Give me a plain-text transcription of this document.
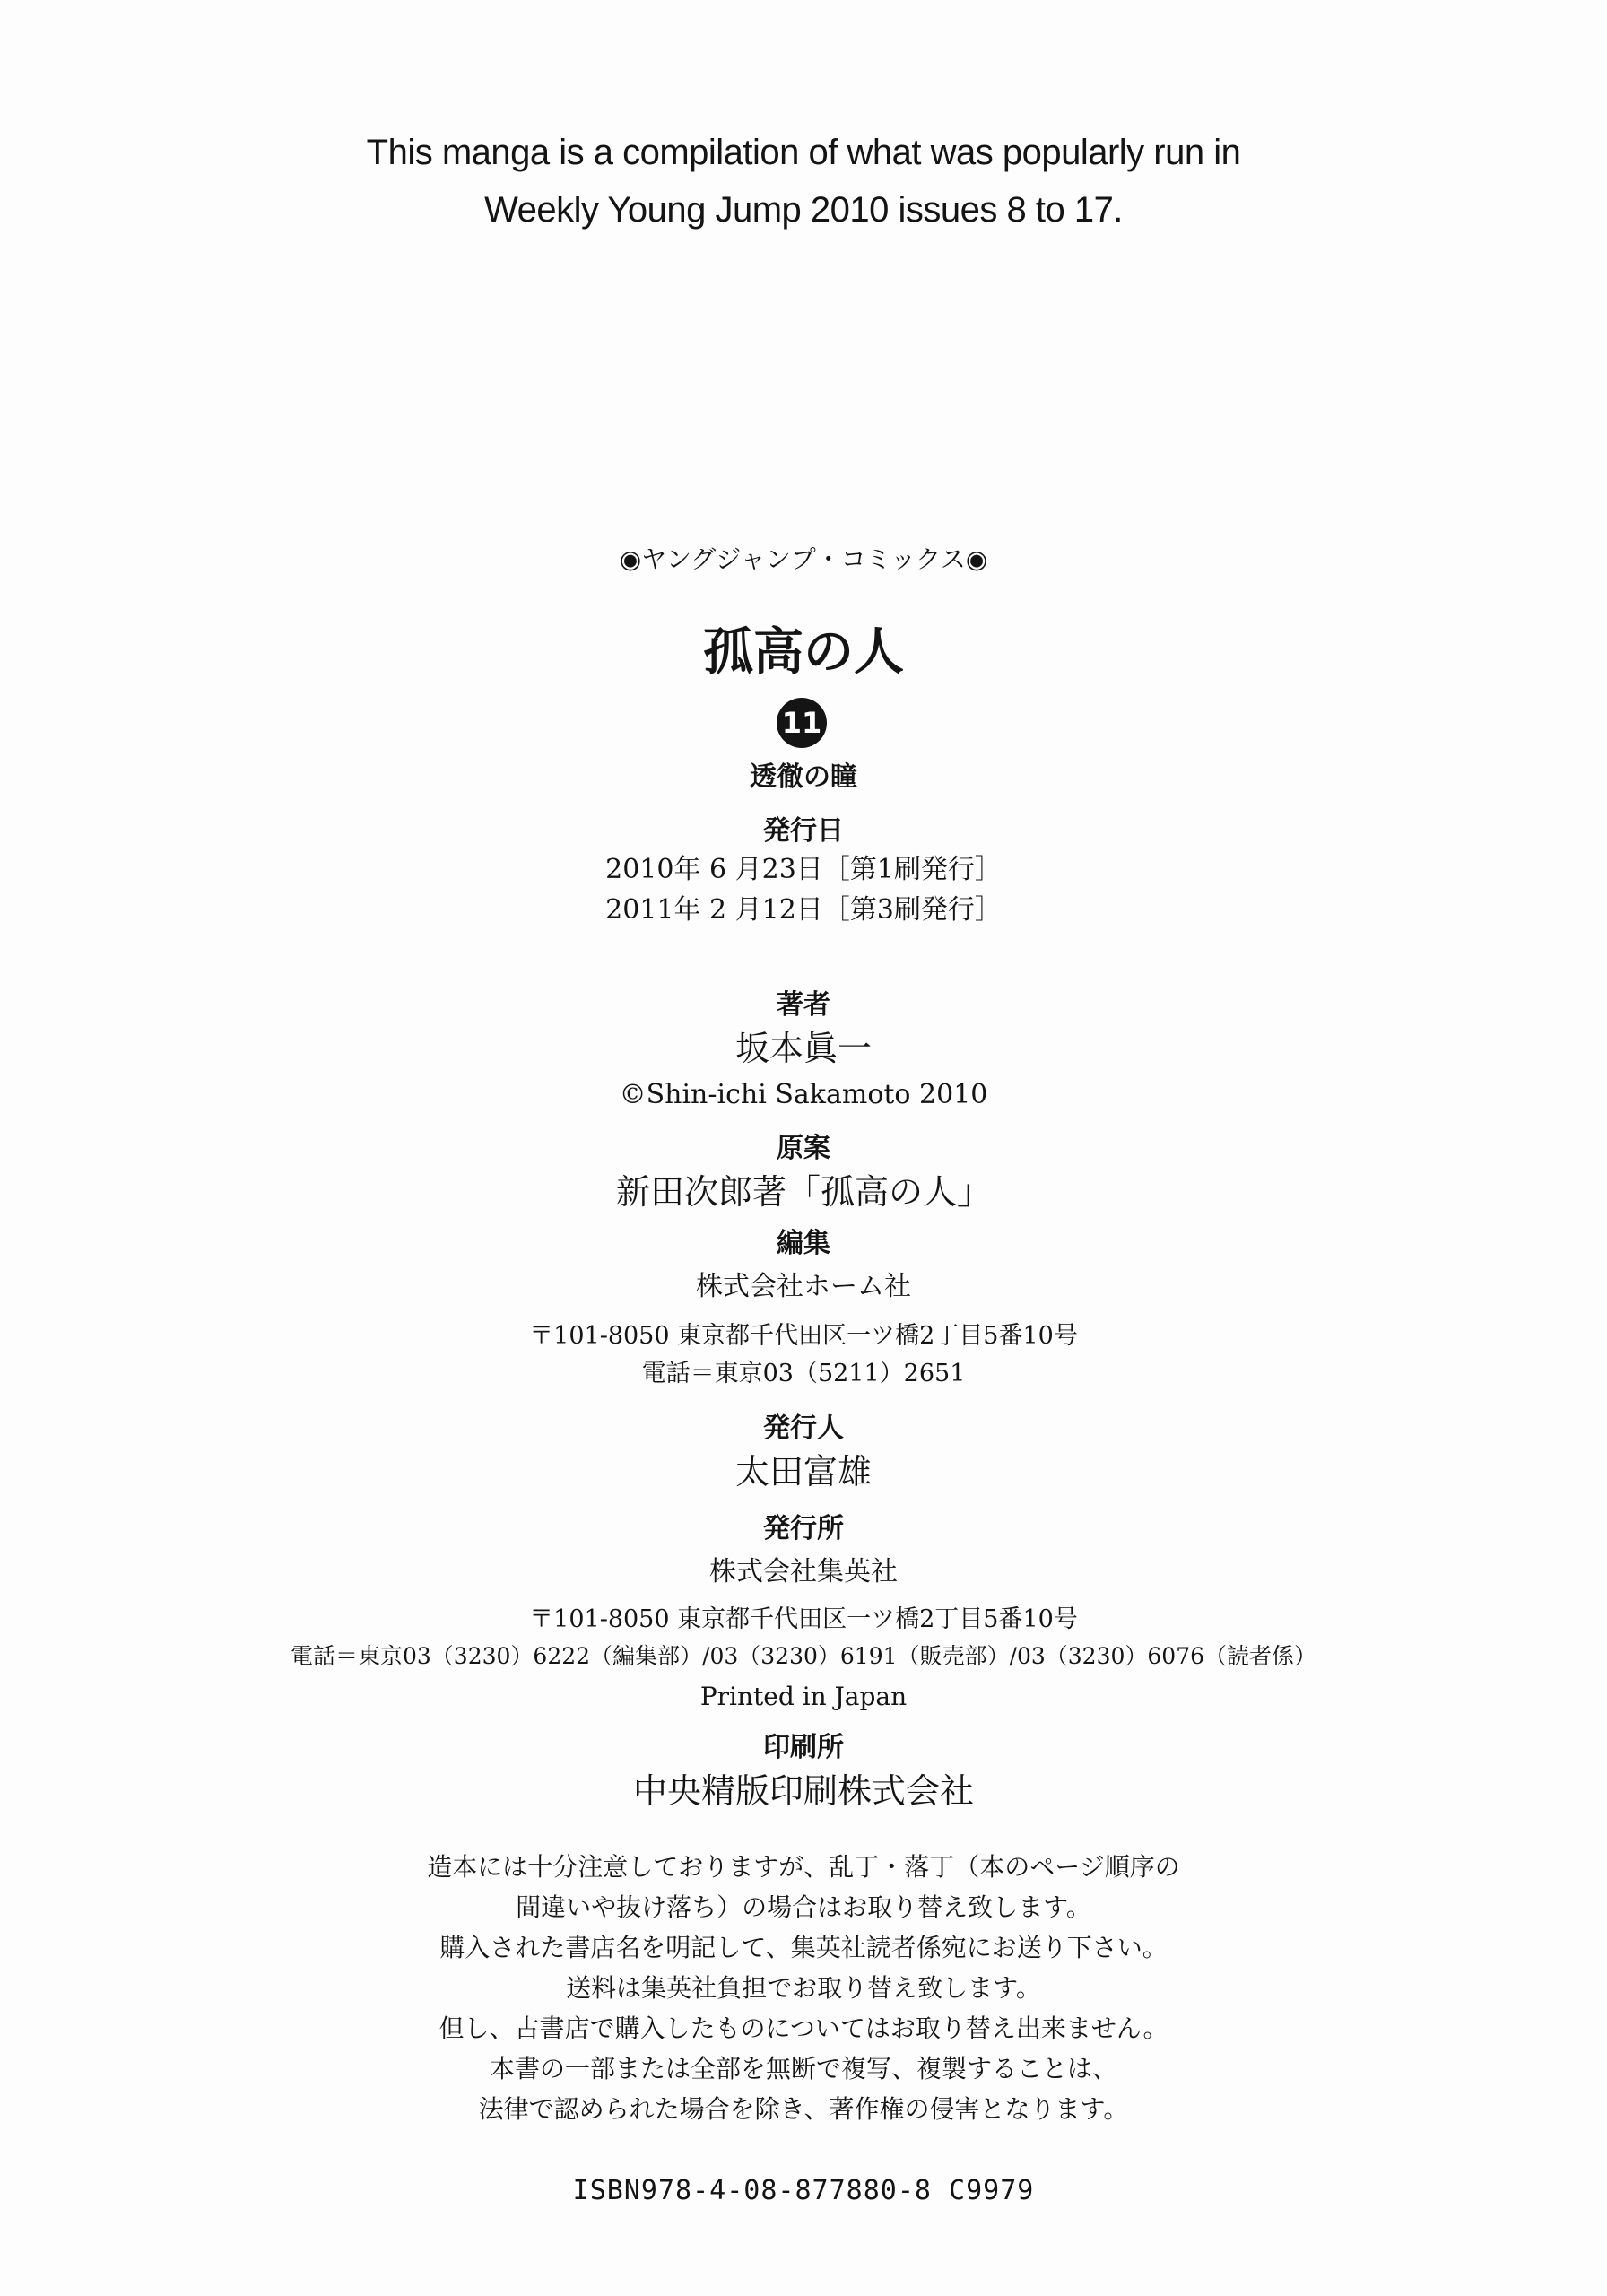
This manga is a compilation of what was popularly run in
Weekly Young Jump 2010 issues 8 to 17.
◉ヤングジャンプ・コミックス◉
孤高の人
11
透徹の瞳
発行日
2010年 6 月23日［第1刷発行］
2011年 2 月12日［第3刷発行］
著者
坂本眞一
©Shin-ichi Sakamoto 2010
原案
新田次郎著「孤高の人」
編集
株式会社ホーム社
〒101-8050 東京都千代田区一ツ橋2丁目5番10号
電話＝東京03（5211）2651
発行人
太田富雄
発行所
株式会社集英社
〒101-8050 東京都千代田区一ツ橋2丁目5番10号
電話＝東京03（3230）6222（編集部）/03（3230）6191（販売部）/03（3230）6076（読者係）
Printed in Japan
印刷所
中央精版印刷株式会社
造本には十分注意しておりますが、乱丁・落丁（本のページ順序の
間違いや抜け落ち）の場合はお取り替え致します。
購入された書店名を明記して、集英社読者係宛にお送り下さい。
送料は集英社負担でお取り替え致します。
但し、古書店で購入したものについてはお取り替え出来ません。
本書の一部または全部を無断で複写、複製することは、
法律で認められた場合を除き、著作権の侵害となります。
ISBN978-4-08-877880-8 C9979
